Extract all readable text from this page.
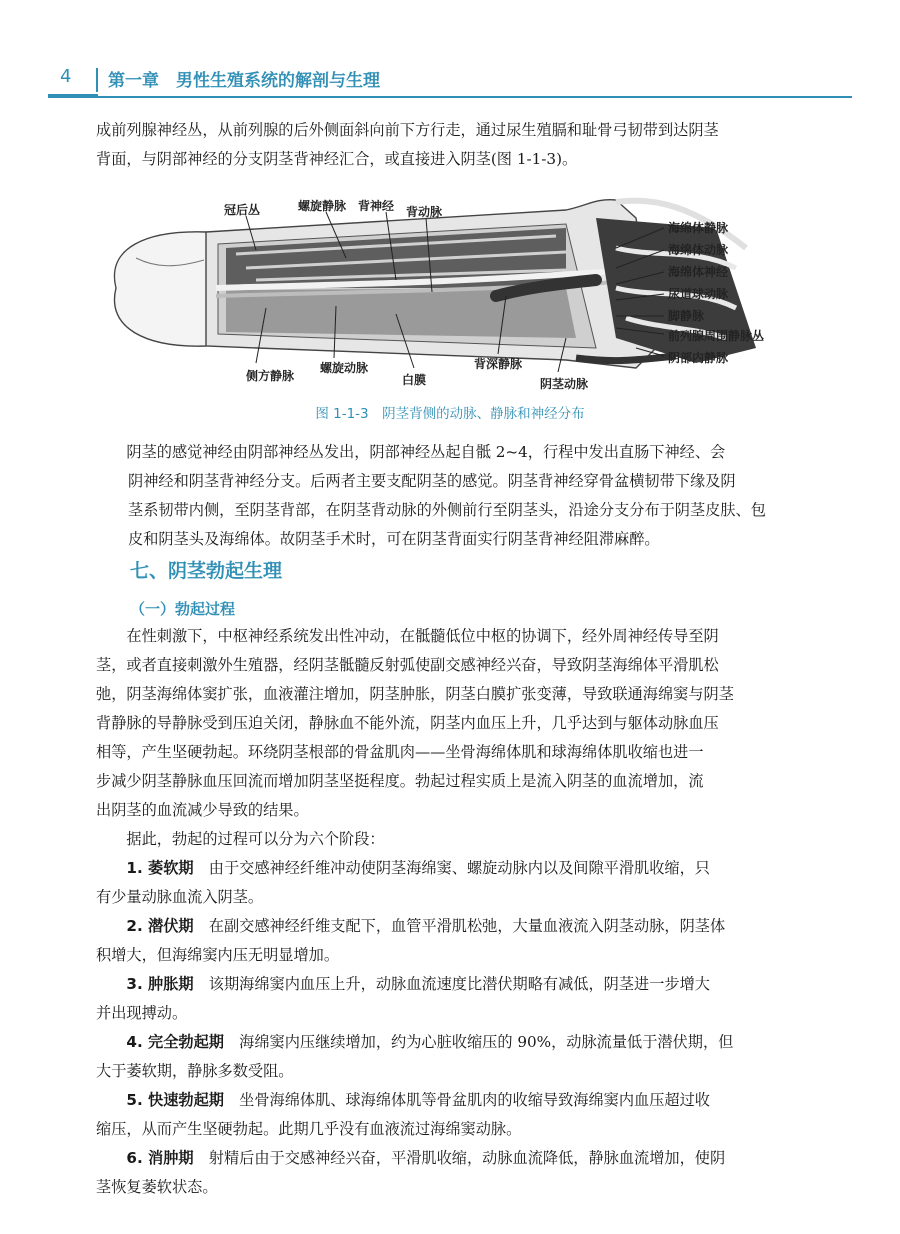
4 第一章　男性生殖系统的解剖与生理

成前列腺神经丛，从前列腺的后外侧面斜向前下方行走，通过尿生殖膈和耻骨弓韧带到达阴茎

背面，与阴部神经的分支阴茎背神经汇合，或直接进入阴茎(图 1-1-3)。

冠后丛	螺旋静脉 背神经 背动脉
海绵体静脉
海绵体动脉
海绵体神经
尿道球动脉
脚静脉
前列腺周围静脉丛
阴部内静脉
侧方静脉
螺旋动脉
白膜
背深静脉
阴茎动脉
图 1-1-3　阴茎背侧的动脉、静脉和神经分布

阴茎的感觉神经由阴部神经丛发出，阴部神经丛起自骶 2~4，行程中发出直肠下神经、会

阴神经和阴茎背神经分支。后两者主要支配阴茎的感觉。阴茎背神经穿骨盆横韧带下缘及阴

茎系韧带内侧，至阴茎背部，在阴茎背动脉的外侧前行至阴茎头，沿途分支分布于阴茎皮肤、包

皮和阴茎头及海绵体。故阴茎手术时，可在阴茎背面实行阴茎背神经阻滞麻醉。

七、阴茎勃起生理
（一）勃起过程

在性刺激下，中枢神经系统发出性冲动，在骶髓低位中枢的协调下，经外周神经传导至阴

茎，或者直接刺激外生殖器，经阴茎骶髓反射弧使副交感神经兴奋，导致阴茎海绵体平滑肌松

弛，阴茎海绵体窦扩张，血液灌注增加，阴茎肿胀，阴茎白膜扩张变薄，导致联通海绵窦与阴茎

背静脉的导静脉受到压迫关闭，静脉血不能外流，阴茎内血压上升，几乎达到与躯体动脉血压

相等，产生坚硬勃起。环绕阴茎根部的骨盆肌肉——坐骨海绵体肌和球海绵体肌收缩也进一

步减少阴茎静脉血压回流而增加阴茎坚挺程度。勃起过程实质上是流入阴茎的血流增加，流

出阴茎的血流减少导致的结果。

据此，勃起的过程可以分为六个阶段：

1. 萎软期　由于交感神经纤维冲动使阴茎海绵窦、螺旋动脉内以及间隙平滑肌收缩，只

有少量动脉血流入阴茎。

2. 潜伏期　在副交感神经纤维支配下，血管平滑肌松弛，大量血液流入阴茎动脉，阴茎体

积增大，但海绵窦内压无明显增加。

3. 肿胀期　该期海绵窦内血压上升，动脉血流速度比潜伏期略有减低，阴茎进一步增大

并出现搏动。

4. 完全勃起期　海绵窦内压继续增加，约为心脏收缩压的 90%，动脉流量低于潜伏期，但

大于萎软期，静脉多数受阻。

5. 快速勃起期　坐骨海绵体肌、球海绵体肌等骨盆肌肉的收缩导致海绵窦内血压超过收

缩压，从而产生坚硬勃起。此期几乎没有血液流过海绵窦动脉。

6. 消肿期　射精后由于交感神经兴奋，平滑肌收缩，动脉血流降低，静脉血流增加，使阴

茎恢复萎软状态。
